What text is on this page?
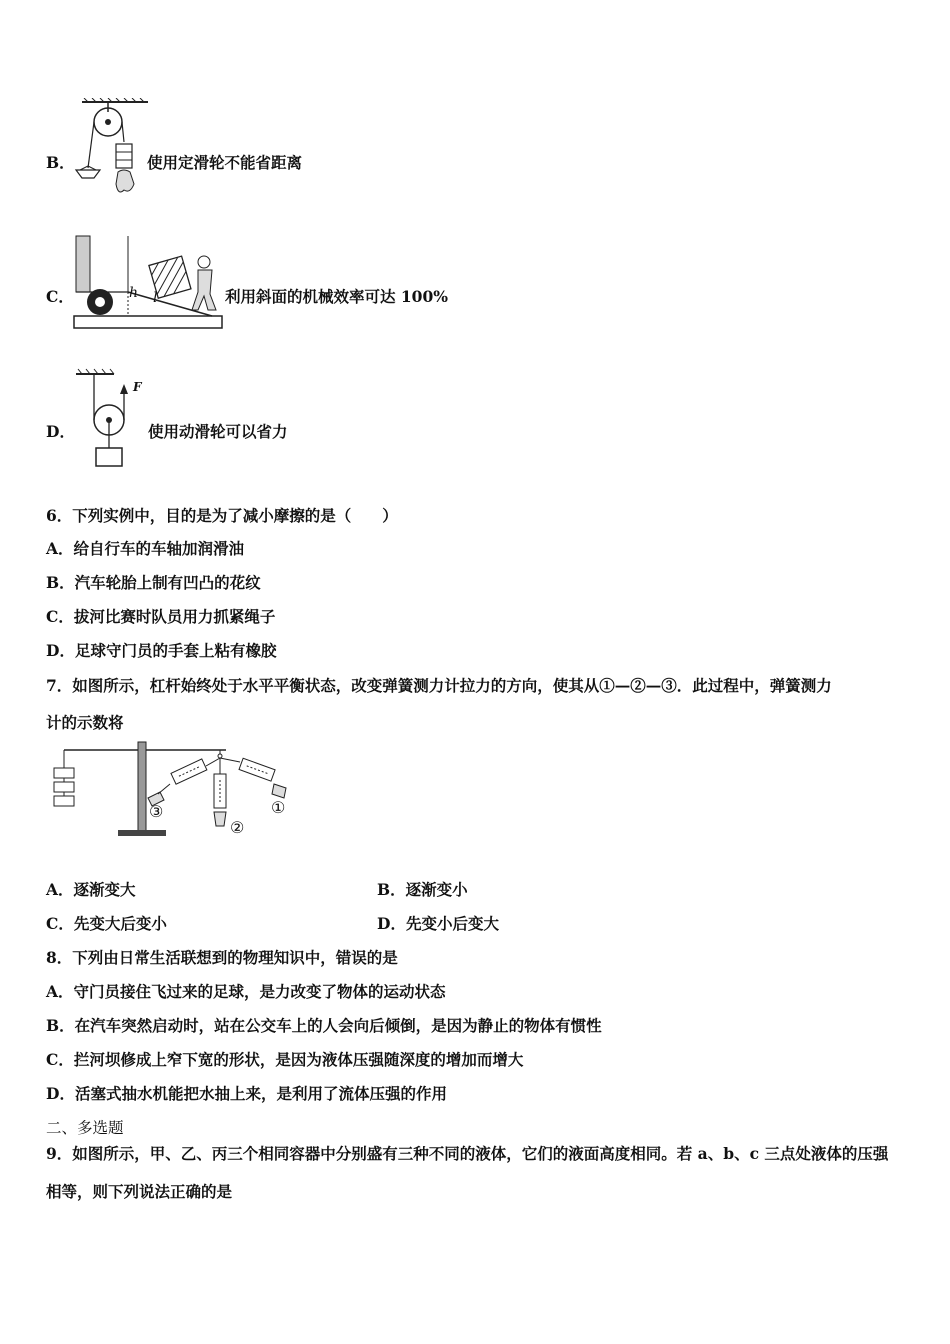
B．	使用定滑轮不能省距离
C．	h l	利用斜面的机械效率可达 100%
D．
F
使用动滑轮可以省力
6．下列实例中，目的是为了减小摩擦的是（　　）
A．给自行车的车轴加润滑油
B．汽车轮胎上制有凹凸的花纹
C．拔河比赛时队员用力抓紧绳子
D．足球守门员的手套上粘有橡胶
7．如图所示，杠杆始终处于水平平衡状态，改变弹簧测力计拉力的方向，使其从①—②—③．此过程中，弹簧测力
计的示数将
①
②
③
A．逐渐变大	B．逐渐变小
C．先变大后变小	D．先变小后变大
8．下列由日常生活联想到的物理知识中，错误的是
A．守门员接住飞过来的足球，是力改变了物体的运动状态
B．在汽车突然启动时，站在公交车上的人会向后倾倒，是因为静止的物体有惯性
C．拦河坝修成上窄下宽的形状，是因为液体压强随深度的增加而增大
D．活塞式抽水机能把水抽上来，是利用了流体压强的作用
二、多选题
9．如图所示，甲、乙、丙三个相同容器中分别盛有三种不同的液体，它们的液面高度相同。若 a、b、c 三点处液体的压强
相等，则下列说法正确的是
